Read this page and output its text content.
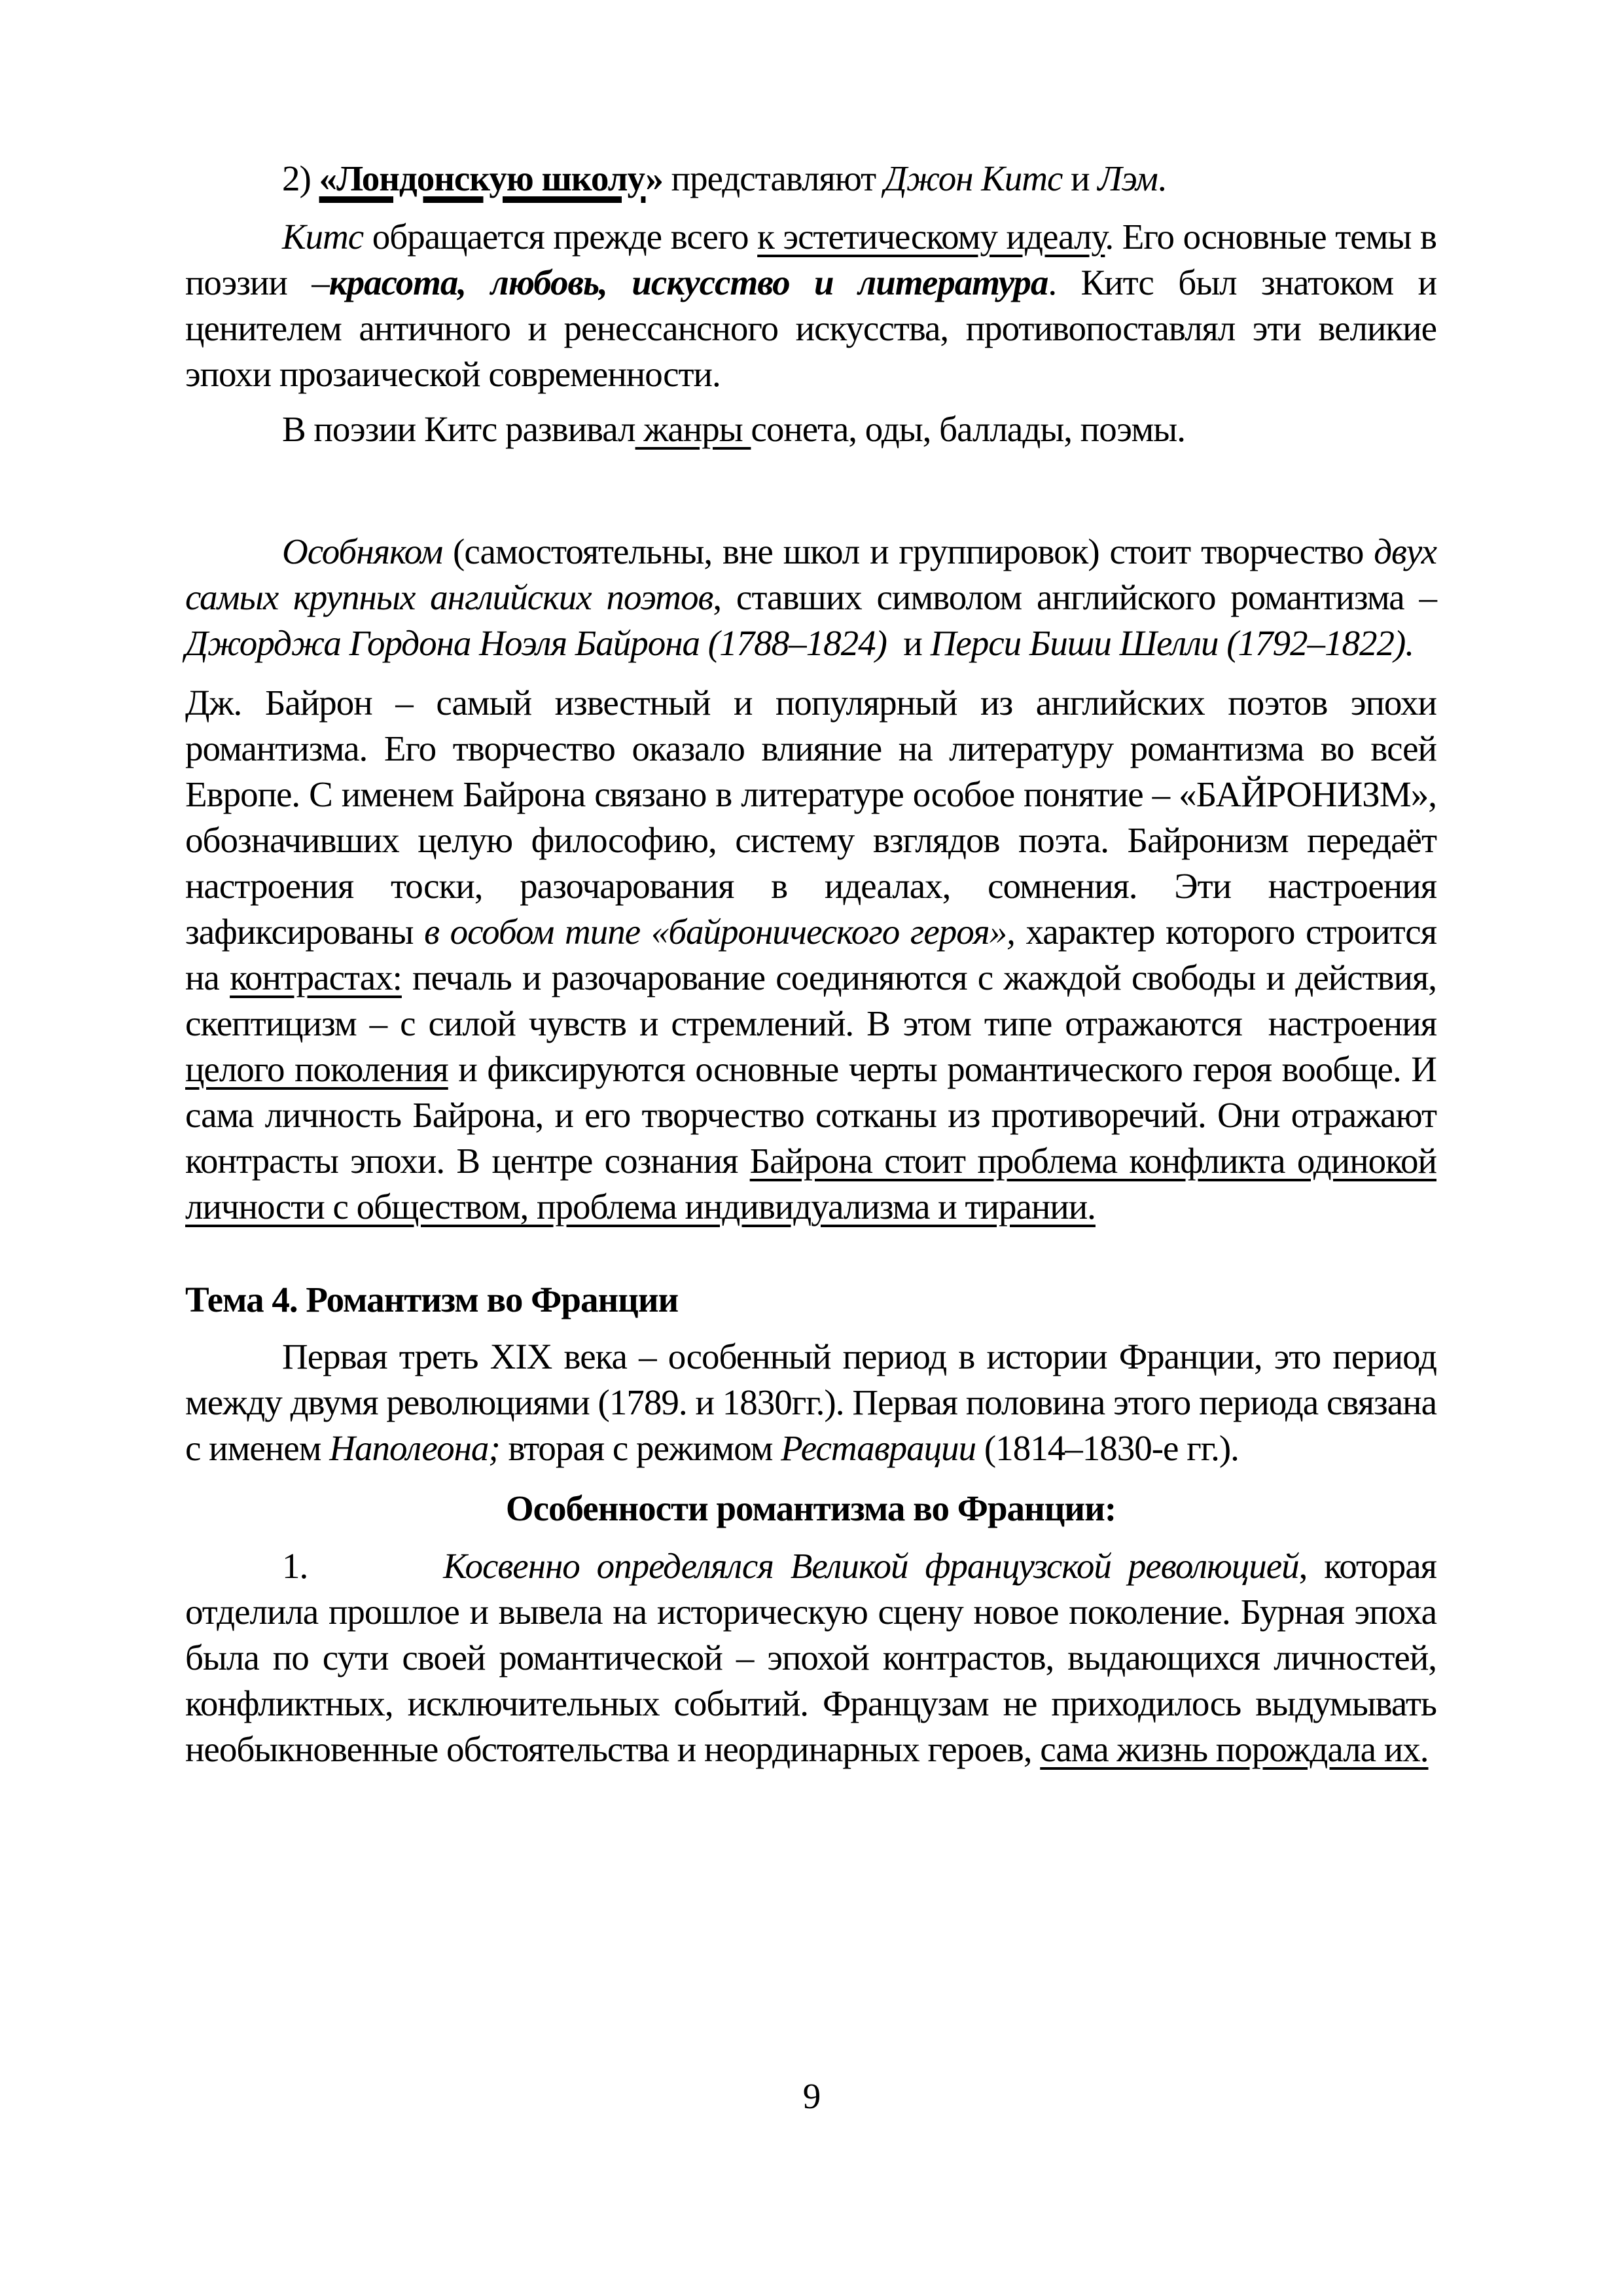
2) «Лондонскую школу» представляют Джон Китс и Лэм.

Китс обращается прежде всего к эстетическому идеалу. Его основные темы в поэзии –красота, любовь, искусство и литература. Китс был знатоком и ценителем античного и ренессансного искусства, противопоставлял эти великие эпохи прозаической современности.

В поэзии Китс развивал жанры сонета, оды, баллады, поэмы.

Особняком (самостоятельны, вне школ и группировок) стоит творчество двух самых крупных английских поэтов, ставших символом английского романтизма – Джорджа Гордона Ноэля Байрона (1788–1824)  и Перси Биши Шелли (1792–1822).

Дж. Байрон – самый известный и популярный из английских поэтов эпохи романтизма. Его творчество оказало влияние на литературу романтизма во всей Европе. С именем Байрона связано в литературе особое понятие – «БАЙРОНИЗМ», обозначивших целую философию, систему взглядов поэта. Байронизм передаёт настроения тоски, разочарования в идеалах, сомнения. Эти настроения зафиксированы в особом типе «байронического героя», характер которого строится на контрастах: печаль и разочарование соединяются с жаждой свободы и действия, скептицизм – с силой чувств и стремлений. В этом типе отражаются  настроения целого поколения и фиксируются основные черты романтического героя вообще. И сама личность Байрона, и его творчество сотканы из противоречий. Они отражают контрасты эпохи. В центре сознания Байрона стоит проблема конфликта одинокой личности с обществом, проблема индивидуализма и тирании.

Тема 4. Романтизм во Франции

Первая треть XIX века – особенный период в истории Франции, это период между двумя революциями (1789. и 1830гг.). Первая половина этого периода связана с именем Наполеона; вторая с режимом Реставрации (1814–1830-е гг.).

Особенности романтизма во Франции:

1.        Косвенно определялся Великой французской революцией, которая отделила прошлое и вывела на историческую сцену новое поколение. Бурная эпоха была по сути своей романтической – эпохой контрастов, выдающихся личностей, конфликтных, исключительных событий. Французам не приходилось выдумывать необыкновенные обстоятельства и неординарных героев, сама жизнь порождала их.

9
